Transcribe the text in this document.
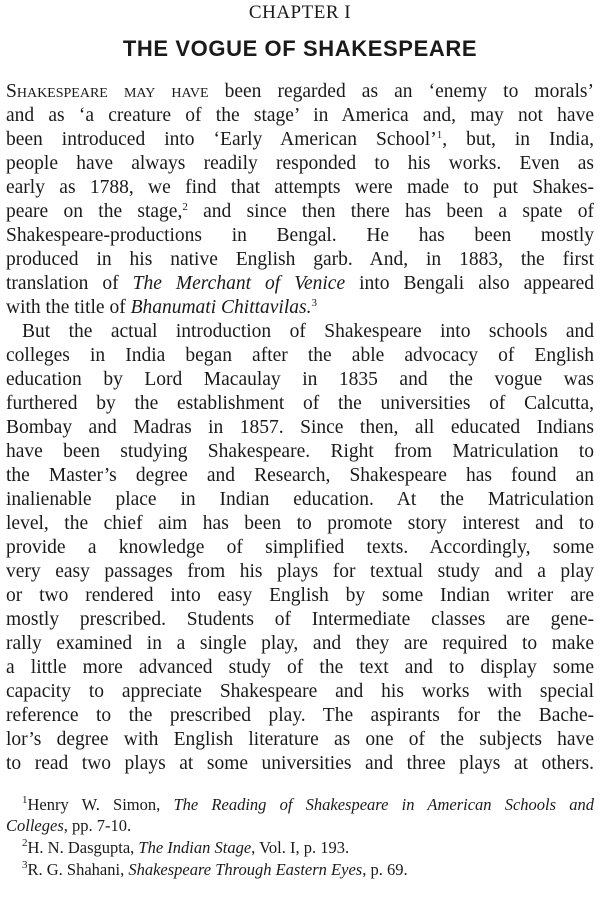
CHAPTER I
THE VOGUE OF SHAKESPEARE
Shakespeare may have been regarded as an ‘enemy to morals’
and as ‘a creature of the stage’ in America and, may not have
been introduced into ‘Early American School’$^1$, but, in India,
people have always readily responded to his works. Even as
early as 1788, we find that attempts were made to put Shakes-
peare on the stage,$^2$ and since then there has been a spate of
Shakespeare-productions in Bengal. He has been mostly
produced in his native English garb. And, in 1883, the first
translation of The Merchant of Venice into Bengali also appeared
with the title of Bhanumati Chittavilas.$^3$
But the actual introduction of Shakespeare into schools and
colleges in India began after the able advocacy of English
education by Lord Macaulay in 1835 and the vogue was
furthered by the establishment of the universities of Calcutta,
Bombay and Madras in 1857. Since then, all educated Indians
have been studying Shakespeare. Right from Matriculation to
the Master’s degree and Research, Shakespeare has found an
inalienable place in Indian education. At the Matriculation
level, the chief aim has been to promote story interest and to
provide a knowledge of simplified texts. Accordingly, some
very easy passages from his plays for textual study and a play
or two rendered into easy English by some Indian writer are
mostly prescribed. Students of Intermediate classes are gene-
rally examined in a single play, and they are required to make
a little more advanced study of the text and to display some
capacity to appreciate Shakespeare and his works with special
reference to the prescribed play. The aspirants for the Bache-
lor’s degree with English literature as one of the subjects have
to read two plays at some universities and three plays at others.
$^1$Henry W. Simon, The Reading of Shakespeare in American Schools and
Colleges, pp. 7-10.
$^2$H. N. Dasgupta, The Indian Stage, Vol. I, p. 193.
$^3$R. G. Shahani, Shakespeare Through Eastern Eyes, p. 69.
